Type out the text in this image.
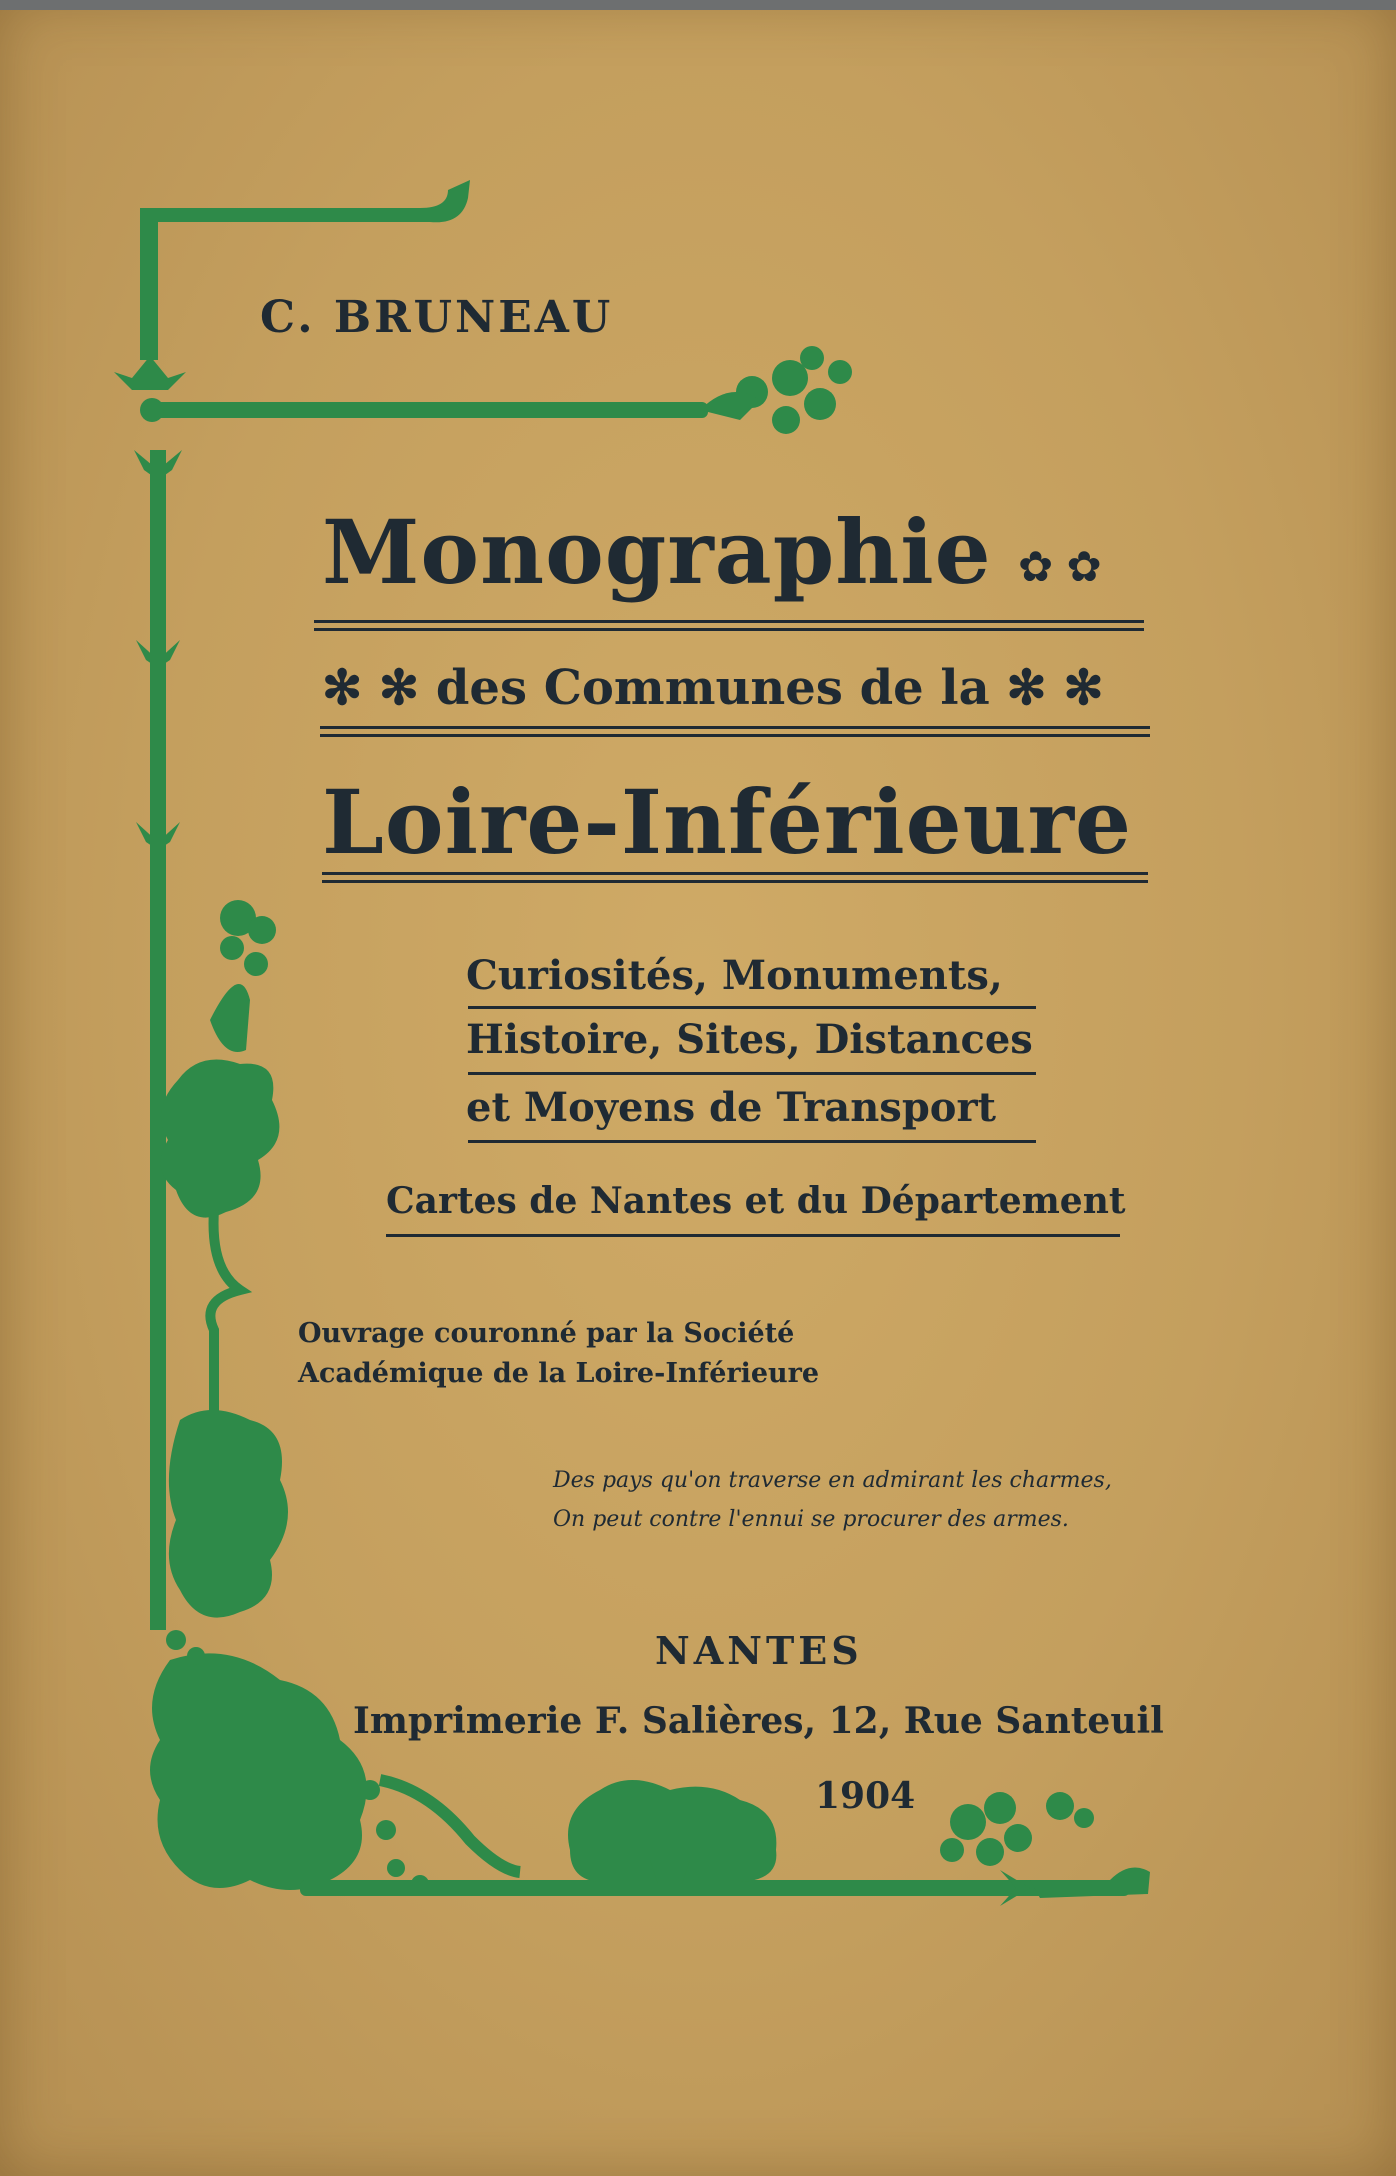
C. BRUNEAU
Monographie ✿ ✿
✻ ✻ des Communes de la ✻ ✻
Loire-Inférieure
Curiosités, Monuments,
Histoire, Sites, Distances
et Moyens de Transport
Cartes de Nantes et du Département
Ouvrage couronné par la Société
Académique de la Loire-Inférieure
Des pays qu'on traverse en admirant les charmes,
On peut contre l'ennui se procurer des armes.
NANTES
Imprimerie F. Salières, 12, Rue Santeuil
1904
